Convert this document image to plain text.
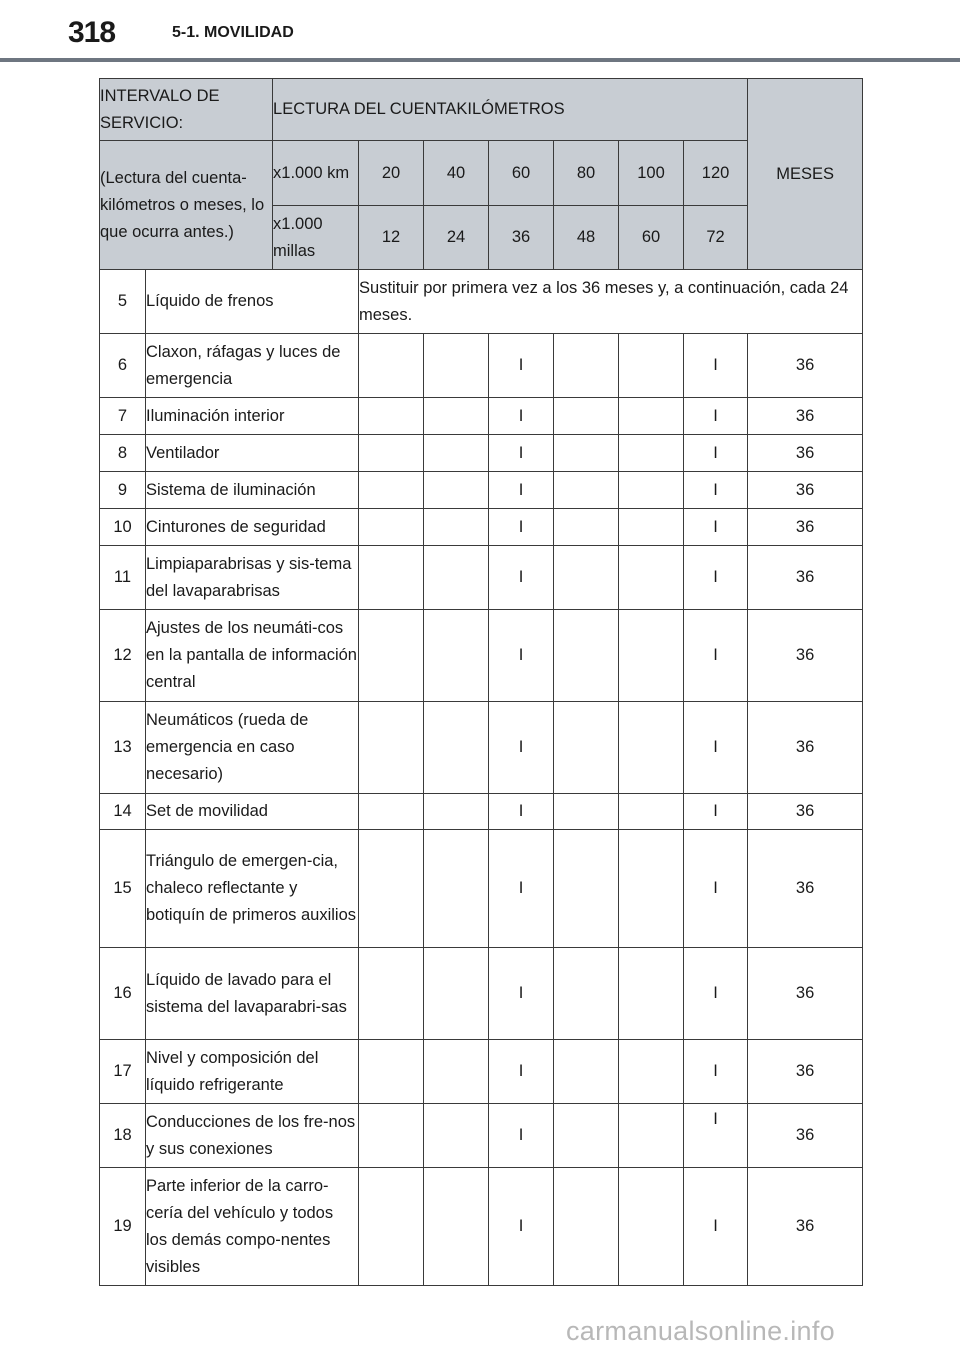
318	5-1. MOVILIDAD
INTERVALO DE SERVICIO:		LECTURA DEL CUENTAKILÓMETROS							MESES
(Lectura del cuenta-kilómetros o meses, lo que ocurra antes.)		x1.000 km	20	40	60	80	100	120	
		x1.000 millas	12	24	36	48	60	72	
5	Líquido de frenos		Sustituir por primera vez a los 36 meses y, a continuación, cada 24 meses.						
6	Claxon, ráfagas y luces de emergencia				I			I	36
7	Iluminación interior				I			I	36
8	Ventilador				I			I	36
9	Sistema de iluminación				I			I	36
10	Cinturones de seguridad				I			I	36
11	Limpiaparabrisas y sis-tema del lavaparabrisas				I			I	36
12	Ajustes de los neumáti-cos en la pantalla de información central				I			I	36
13	Neumáticos (rueda de emergencia en caso necesario)				I			I	36
14	Set de movilidad				I			I	36
15	Triángulo de emergen-cia, chaleco reflectante y botiquín de primeros auxilios				I			I	36
16	Líquido de lavado para el sistema del lavaparabri-sas				I			I	36
17	Nivel y composición del líquido refrigerante				I			I	36
18	Conducciones de los fre-nos y sus conexiones				I			I	36
19	Parte inferior de la carro-cería del vehículo y todos los demás compo-nentes visibles				I			I	36
carmanualsonline.info
